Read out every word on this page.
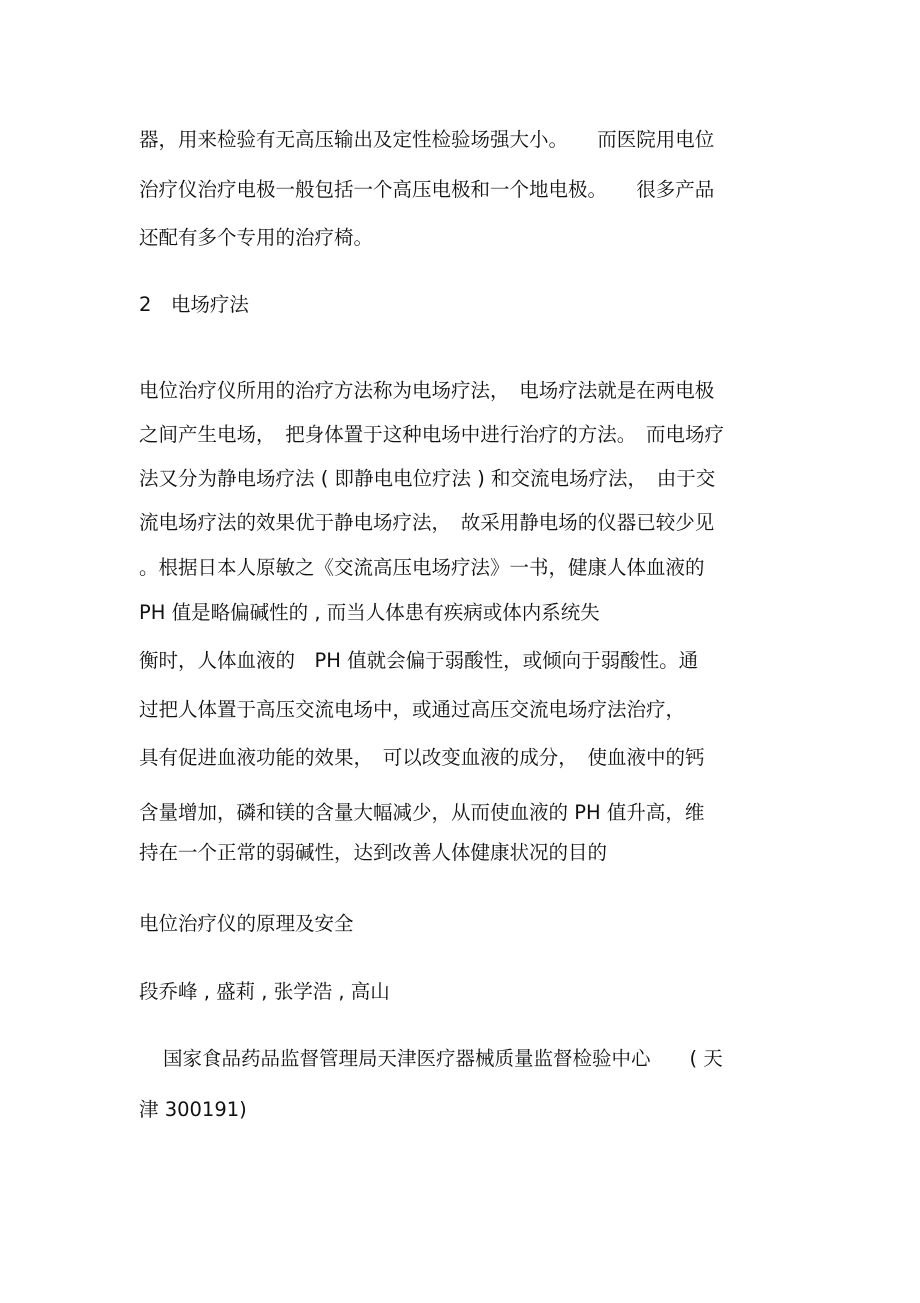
器，用来检验有无高压输出及定性检验场强大小。　　而医院用电位

治疗仪治疗电极一般包括一个高压电极和一个地电极。　　很多产品

还配有多个专用的治疗椅。

2　电场疗法

电位治疗仪所用的治疗方法称为电场疗法，　电场疗法就是在两电极

之间产生电场，　把身体置于这种电场中进行治疗的方法。　而电场疗

法又分为静电场疗法 ( 即静电电位疗法 ) 和交流电场疗法，　由于交

流电场疗法的效果优于静电场疗法，　故采用静电场的仪器已较少见

。根据日本人原敏之《交流高压电场疗法》一书，健康人体血液的

PH 值是略偏碱性的 , 而当人体患有疾病或体内系统失

衡时，人体血液的　PH 值就会偏于弱酸性，或倾向于弱酸性。通

过把人体置于高压交流电场中，或通过高压交流电场疗法治疗，

具有促进血液功能的效果，　可以改变血液的成分，　使血液中的钙

含量增加，磷和镁的含量大幅减少，从而使血液的 PH 值升高，维

持在一个正常的弱碱性，达到改善人体健康状况的目的

电位治疗仪的原理及安全

段乔峰 , 盛莉 , 张学浩 , 高山

国家食品药品监督管理局天津医疗器械质量监督检验中心　　( 天

津 300191)
